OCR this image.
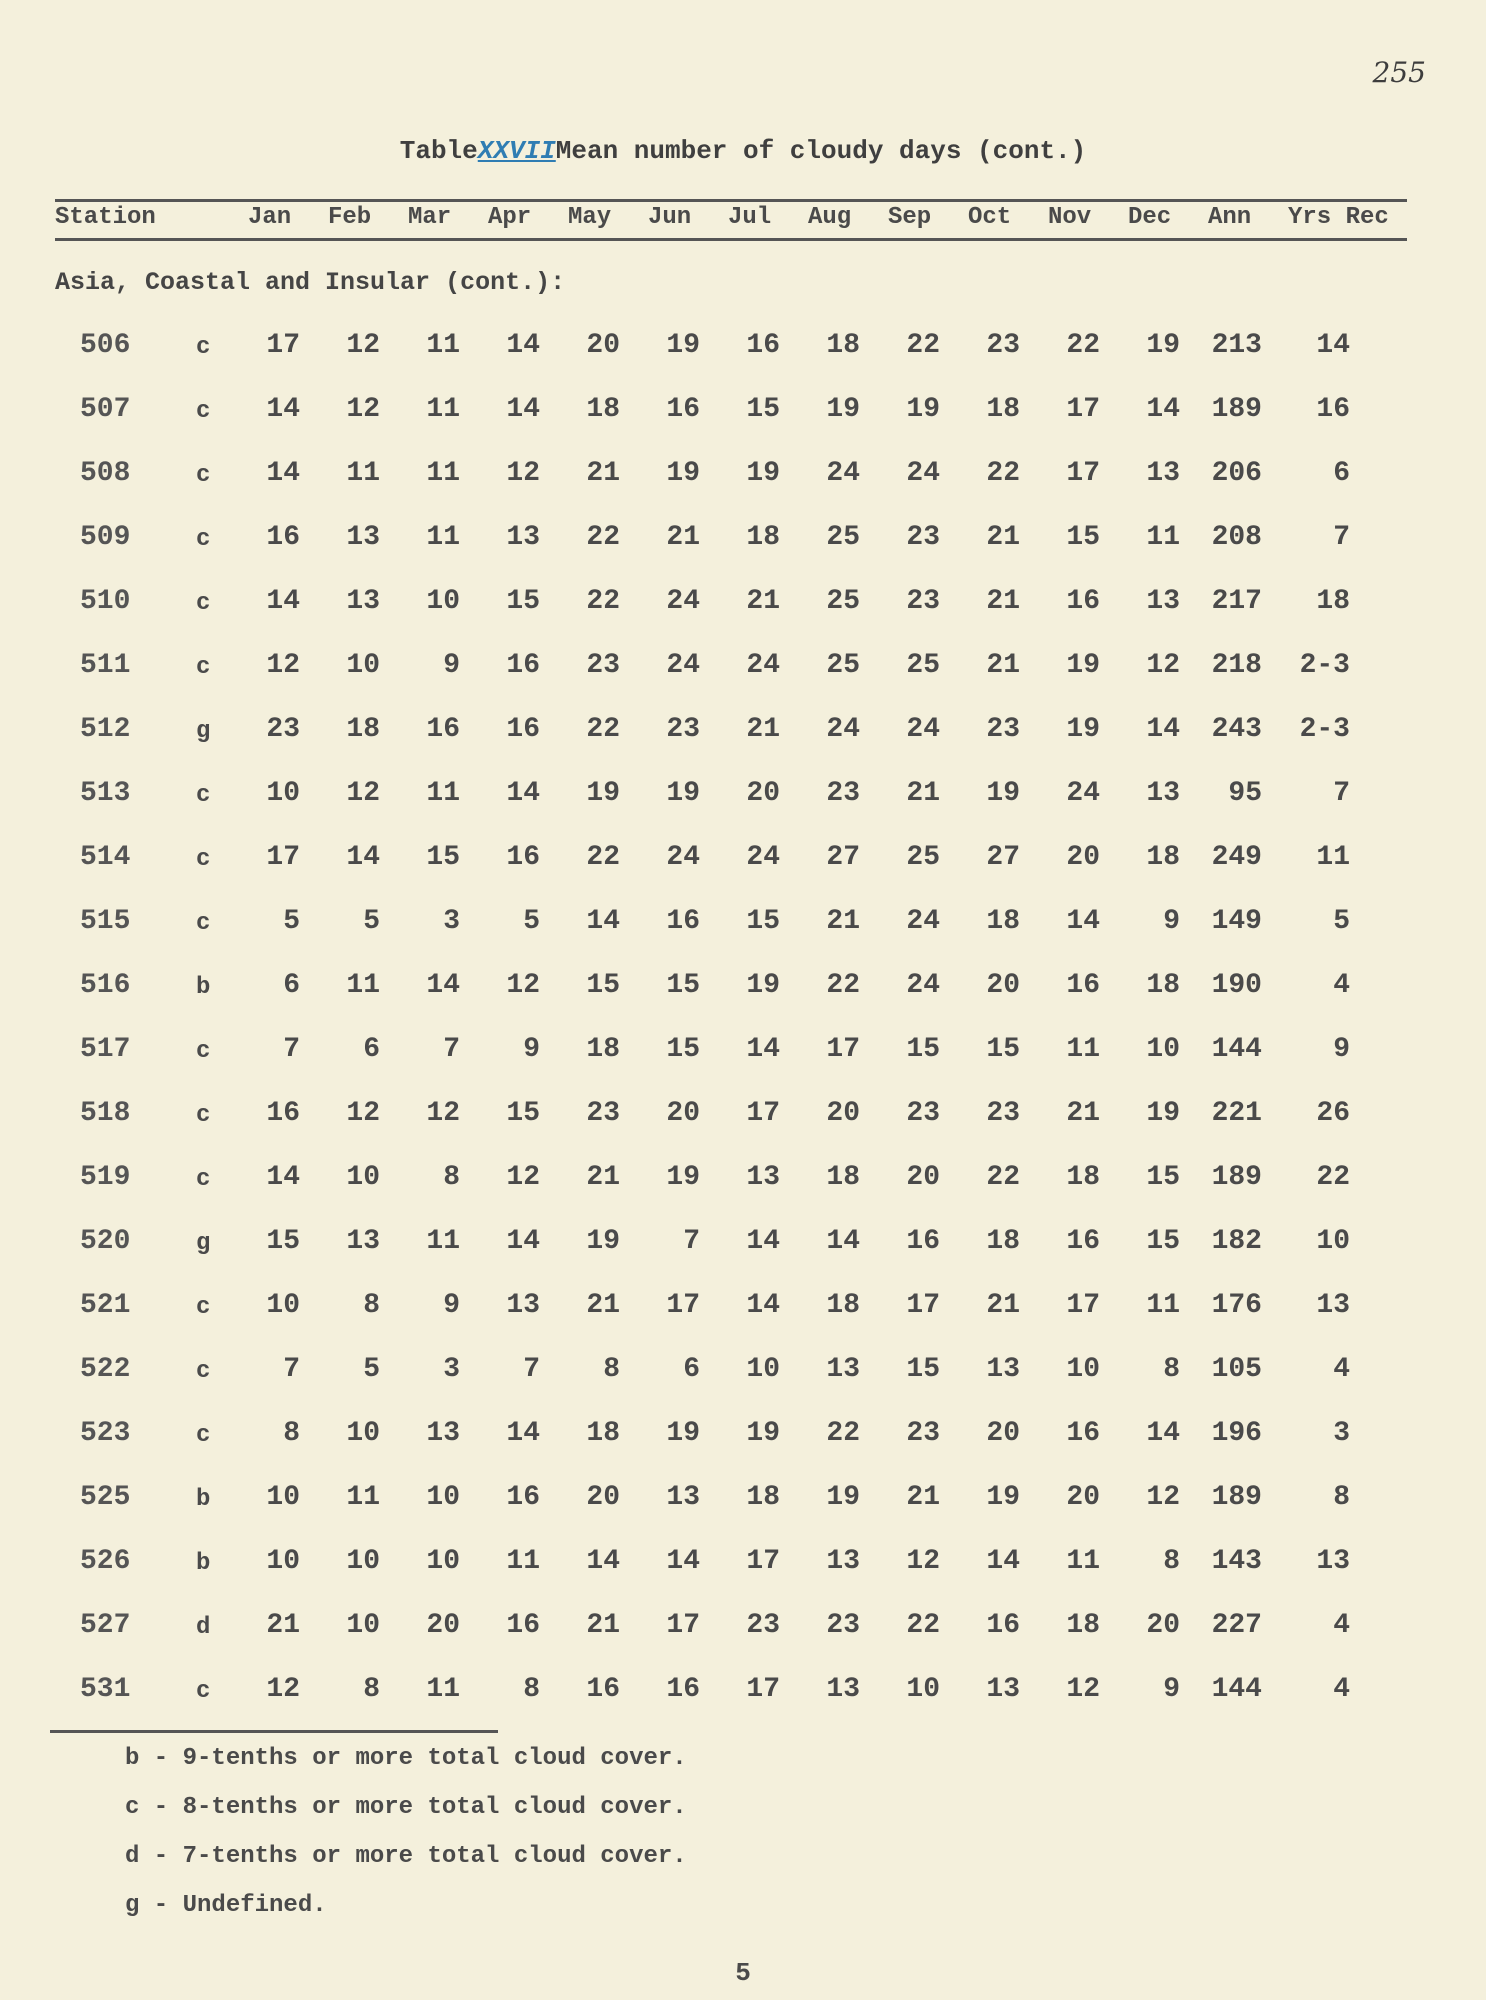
255
TableXXVIIMean number of cloudy days (cont.)
Station	Jan Feb Mar Apr May Jun Jul Aug Sep Oct Nov Dec Ann Yrs Rec
Asia, Coastal and Insular (cont.):
506	c	17	12	11	14	20	19	16	18	22	23	22	19	213	14
507	c	14	12	11	14	18	16	15	19	19	18	17	14	189	16
508	c	14	11	11	12	21	19	19	24	24	22	17	13	206	6
509	c	16	13	11	13	22	21	18	25	23	21	15	11	208	7
510	c	14	13	10	15	22	24	21	25	23	21	16	13	217	18
511	c	12	10	9	16	23	24	24	25	25	21	19	12	218	2-3
512	g	23	18	16	16	22	23	21	24	24	23	19	14	243	2-3
513	c	10	12	11	14	19	19	20	23	21	19	24	13	95	7
514	c	17	14	15	16	22	24	24	27	25	27	20	18	249	11
515	c	5	5	3	5	14	16	15	21	24	18	14	9	149	5
516	b	6	11	14	12	15	15	19	22	24	20	16	18	190	4
517	c	7	6	7	9	18	15	14	17	15	15	11	10	144	9
518	c	16	12	12	15	23	20	17	20	23	23	21	19	221	26
519	c	14	10	8	12	21	19	13	18	20	22	18	15	189	22
520	g	15	13	11	14	19	7	14	14	16	18	16	15	182	10
521	c	10	8	9	13	21	17	14	18	17	21	17	11	176	13
522	c	7	5	3	7	8	6	10	13	15	13	10	8	105	4
523	c	8	10	13	14	18	19	19	22	23	20	16	14	196	3
525	b	10	11	10	16	20	13	18	19	21	19	20	12	189	8
526	b	10	10	10	11	14	14	17	13	12	14	11	8	143	13
527	d	21	10	20	16	21	17	23	23	22	16	18	20	227	4
531	c	12	8	11	8	16	16	17	13	10	13	12	9	144	4
b - 9-tenths or more total cloud cover.
c - 8-tenths or more total cloud cover.
d - 7-tenths or more total cloud cover.
g - Undefined.
5
